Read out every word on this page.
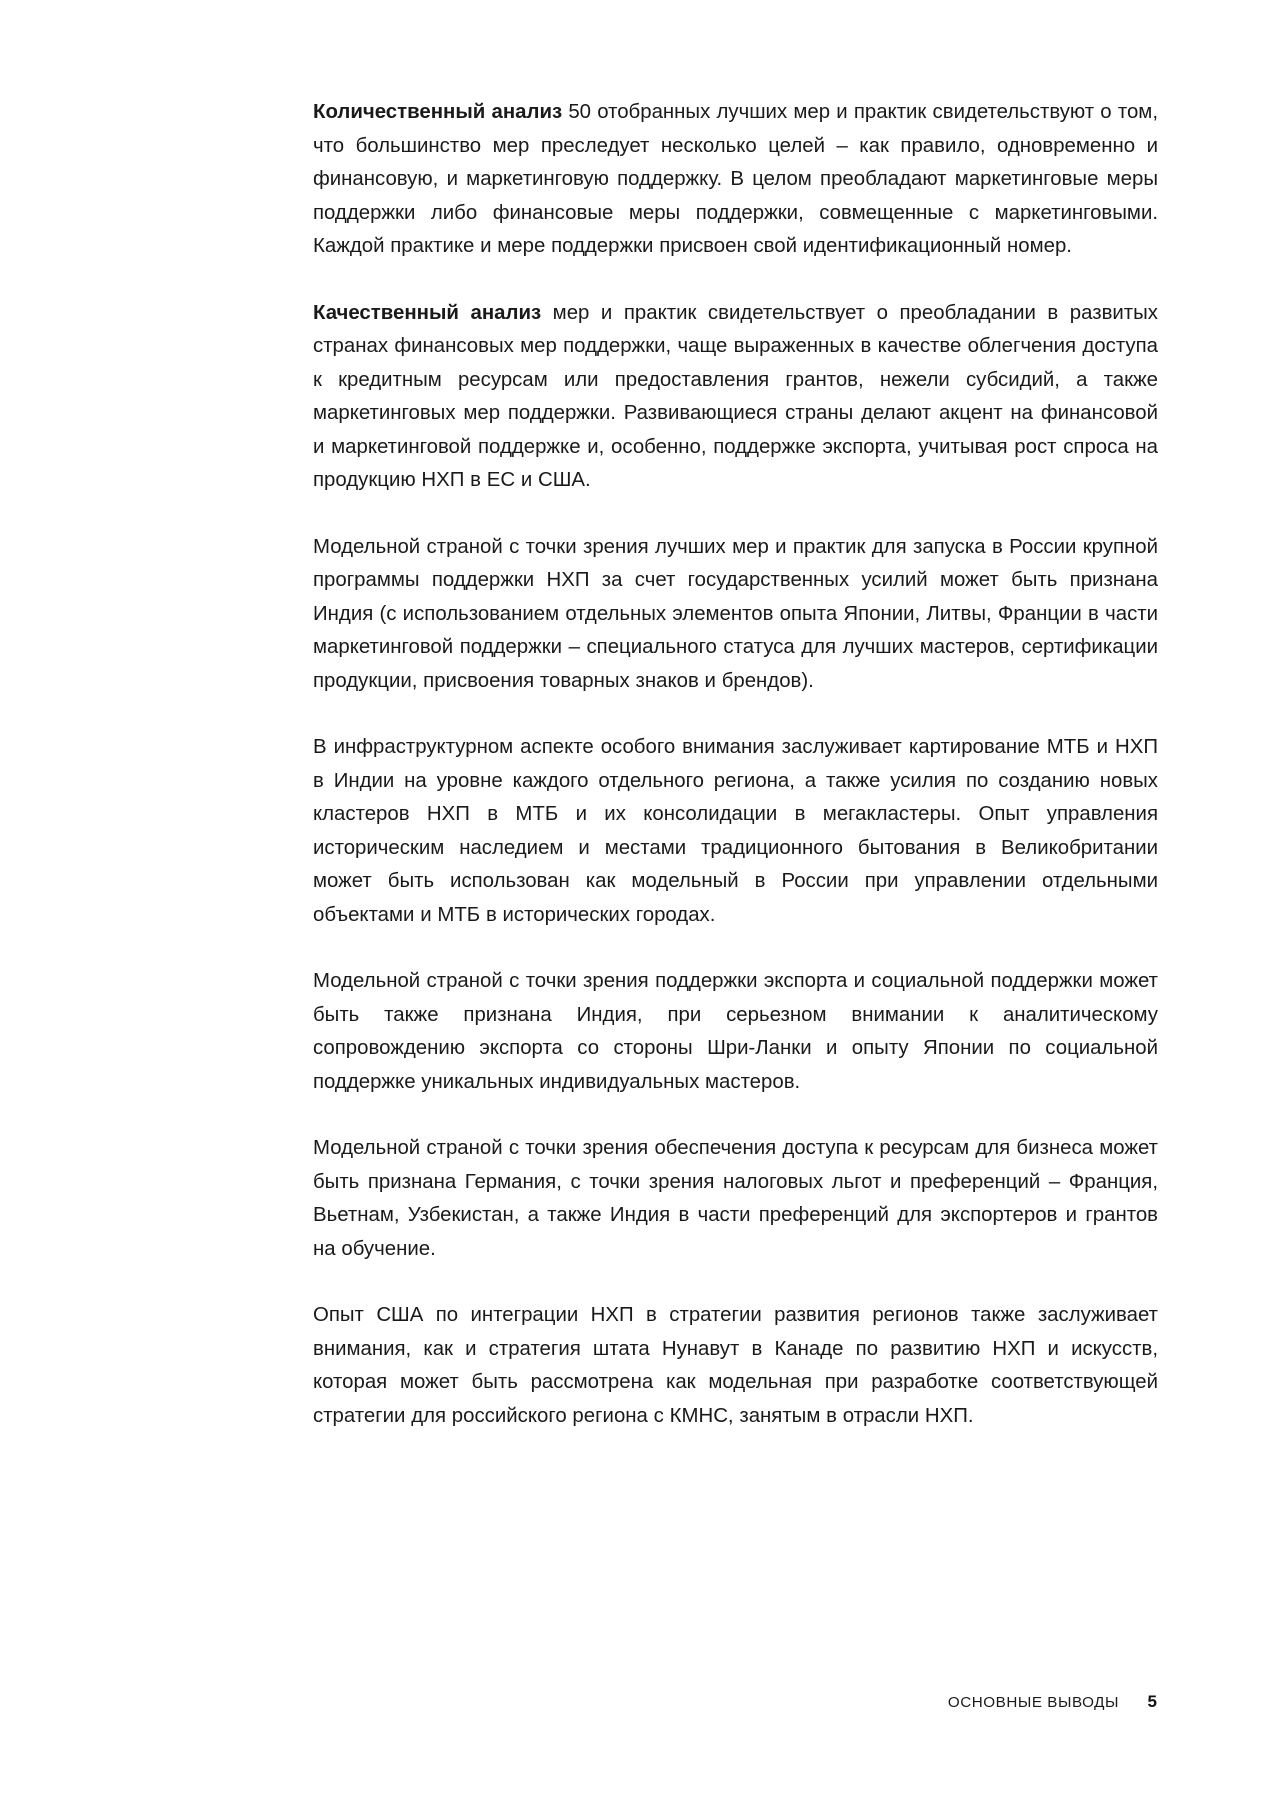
Количественный анализ 50 отобранных лучших мер и практик свидетельствуют о том, что большинство мер преследует несколько целей – как правило, одновременно и финансовую, и маркетинговую поддержку. В целом преобладают маркетинговые меры поддержки либо финансовые меры поддержки, совмещенные с маркетинговыми. Каждой практике и мере поддержки присвоен свой идентификационный номер.

Качественный анализ мер и практик свидетельствует о преобладании в развитых странах финансовых мер поддержки, чаще выраженных в качестве облегчения доступа к кредитным ресурсам или предоставления грантов, нежели субсидий, а также маркетинговых мер поддержки. Развивающиеся страны делают акцент на финансовой и маркетинговой поддержке и, особенно, поддержке экспорта, учитывая рост спроса на продукцию НХП в ЕС и США.

Модельной страной с точки зрения лучших мер и практик для запуска в России крупной программы поддержки НХП за счет государственных усилий может быть признана Индия (с использованием отдельных элементов опыта Японии, Литвы, Франции в части маркетинговой поддержки – специального статуса для лучших мастеров, сертификации продукции, присвоения товарных знаков и брендов).

В инфраструктурном аспекте особого внимания заслуживает картирование МТБ и НХП в Индии на уровне каждого отдельного региона, а также усилия по созданию новых кластеров НХП в МТБ и их консолидации в мегакластеры. Опыт управления историческим наследием и местами традиционного бытования в Великобритании может быть использован как модельный в России при управлении отдельными объектами и МТБ в исторических городах.

Модельной страной с точки зрения поддержки экспорта и социальной поддержки может быть также признана Индия, при серьезном внимании к аналитическому сопровождению экспорта со стороны Шри-Ланки и опыту Японии по социальной поддержке уникальных индивидуальных мастеров.

Модельной страной с точки зрения обеспечения доступа к ресурсам для бизнеса может быть признана Германия, с точки зрения налоговых льгот и преференций – Франция, Вьетнам, Узбекистан, а также Индия в части преференций для экспортеров и грантов на обучение.

Опыт США по интеграции НХП в стратегии развития регионов также заслуживает внимания, как и стратегия штата Нунавут в Канаде по развитию НХП и искусств, которая может быть рассмотрена как модельная при разработке соответствующей стратегии для российского региона с КМНС, занятым в отрасли НХП.

ОСНОВНЫЕ ВЫВОДЫ 5
